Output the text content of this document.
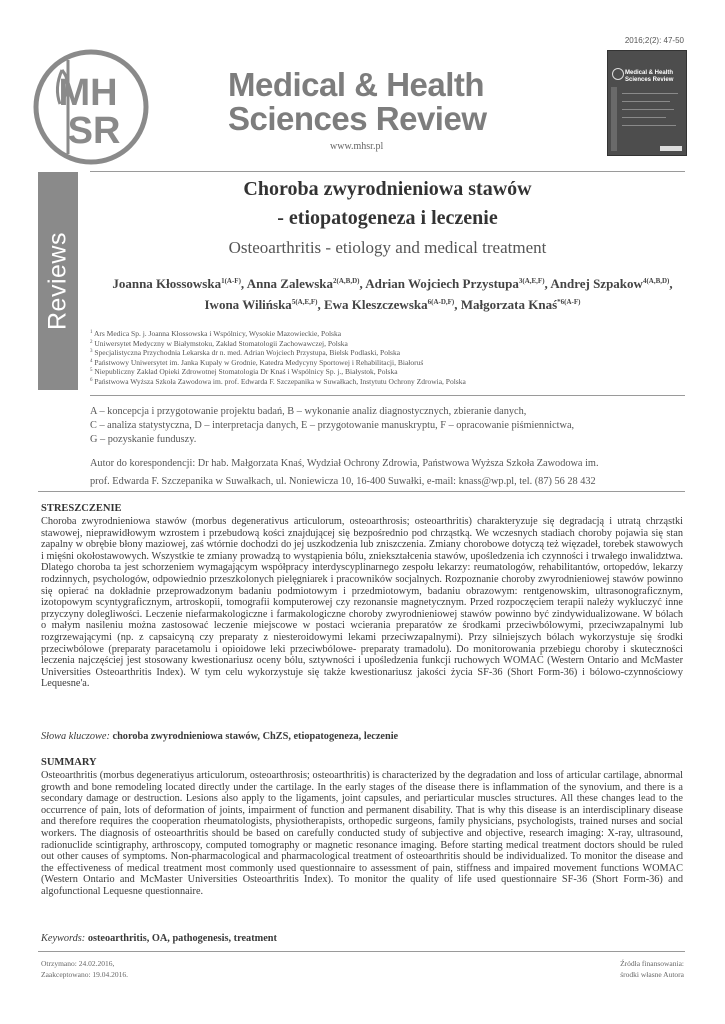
2016;2(2): 47-50
MH
SR
Medical & Health
Sciences Review
www.mhsr.pl
Medical & Health Sciences Review
Reviews
Choroba zwyrodnieniowa stawów
- etiopatogeneza i leczenie
Osteoarthritis - etiology and medical treatment
Joanna Kłossowska$^{1(A-F)}$, Anna Zalewska$^{2(A,B,D)}$, Adrian Wojciech Przystupa$^{3(A,E,F)}$, Andrej Szpakow$^{4(A,B,D)}$, Iwona Wilińska$^{5(A,E,F)}$, Ewa Kleszczewska$^{6(A-D,F)}$, Małgorzata Knaś$^{*6(A-F)}$
$^1$ Ars Medica Sp. j. Joanna Kłossowska i Wspólnicy, Wysokie Mazowieckie, Polska
$^2$ Uniwersytet Medyczny w Białymstoku, Zakład Stomatologii Zachowawczej, Polska
$^3$ Specjalistyczna Przychodnia Lekarska dr n. med. Adrian Wojciech Przystupa, Bielsk Podlaski, Polska
$^4$ Państwowy Uniwersytet im. Janka Kupały w Grodnie, Katedra Medycyny Sportowej i Rehabilitacji, Białoruś
$^5$ Niepubliczny Zakład Opieki Zdrowotnej Stomatologia Dr Knaś i Wspólnicy Sp. j., Białystok, Polska
$^6$ Państwowa Wyższa Szkoła Zawodowa im. prof. Edwarda F. Szczepanika w Suwałkach, Instytutu Ochrony Zdrowia, Polska
A – koncepcja i przygotowanie projektu badań, B – wykonanie analiz diagnostycznych, zbieranie danych,
C – analiza statystyczna, D – interpretacja danych, E – przygotowanie manuskryptu, F – opracowanie piśmiennictwa,
G – pozyskanie funduszy.
Autor do korespondencji: Dr hab. Małgorzata Knaś, Wydział Ochrony Zdrowia, Państwowa Wyższa Szkoła Zawodowa im.
prof. Edwarda F. Szczepanika w Suwałkach, ul. Noniewicza 10, 16-400 Suwałki, e-mail: knass@wp.pl, tel. (87) 56 28 432
STRESZCZENIE
Choroba zwyrodnieniowa stawów (morbus degenerativus articulorum, osteoarthrosis; osteoarthritis) charakteryzuje się degradacją i utratą chrząstki stawowej, nieprawidłowym wzrostem i przebudową kości znajdującej się bezpośrednio pod chrząstką. We wczesnych stadiach choroby pojawia się stan zapalny w obrębie błony maziowej, zaś wtórnie dochodzi do jej uszkodzenia lub zniszczenia. Zmiany chorobowe dotyczą też więzadeł, torebek stawowych i mięśni okołostawowych. Wszystkie te zmiany prowadzą to wystąpienia bólu, zniekształcenia stawów, upośledzenia ich czynności i trwałego inwalidztwa. Dlatego choroba ta jest schorzeniem wymagającym współpracy interdyscyplinarnego zespołu lekarzy: reumatologów, rehabilitantów, ortopedów, lekarzy rodzinnych, psychologów, odpowiednio przeszkolonych pielęgniarek i pracowników socjalnych. Rozpoznanie choroby zwyrodnieniowej stawów powinno się opierać na dokładnie przeprowadzonym badaniu podmiotowym i przedmiotowym, badaniu obrazowym: rentgenowskim, ultrasonograficznym, izotopowym scyntygraficznym, artroskopii, tomografii komputerowej czy rezonansie magnetycznym. Przed rozpoczęciem terapii należy wykluczyć inne przyczyny dolegliwości. Leczenie niefarmakologiczne i farmakologiczne choroby zwyrodnieniowej stawów powinno być zindywidualizowane. W bólach o małym nasileniu można zastosować leczenie miejscowe w postaci wcierania preparatów ze środkami przeciwbólowymi, przeciwzapalnymi lub rozgrzewającymi (np. z capsaicyną czy preparaty z niesteroidowymi lekami przeciwzapalnymi). Przy silniejszych bólach wykorzystuje się środki przeciwbólowe (preparaty paracetamolu i opioidowe leki przeciwbólowe- preparaty tramadolu). Do monitorowania przebiegu choroby i skuteczności leczenia najczęściej jest stosowany kwestionariusz oceny bólu, sztywności i upośledzenia funkcji ruchowych WOMAC (Western Ontario and McMaster Universities Osteoarthritis Index). W tym celu wykorzystuje się także kwestionariusz jakości życia SF-36 (Short Form-36) i bólowo-czynnościowy Lequesne'a.
Słowa kluczowe: choroba zwyrodnieniowa stawów, ChZS, etiopatogeneza, leczenie
SUMMARY
Osteoarthritis (morbus degeneratiyus articulorum, osteoarthrosis; osteoarthritis) is characterized by the degradation and loss of articular cartilage, abnormal growth and bone remodeling located directly under the cartilage. In the early stages of the disease there is inflammation of the synovium, and there is a secondary damage or destruction. Lesions also apply to the ligaments, joint capsules, and periarticular muscles structures. All these changes lead to the occurrence of pain, lots of deformation of joints, impairment of function and permanent disability. That is why this disease is an interdisciplinary disease and therefore requires the cooperation rheumatologists, physiotherapists, orthopedic surgeons, family physicians, psychologists, trained nurses and social workers. The diagnosis of osteoarthritis should be based on carefully conducted study of subjective and objective, research imaging: X-ray, ultrasound, radionuclide scintigraphy, arthroscopy, computed tomography or magnetic resonance imaging. Before starting medical treatment doctors should be ruled out other causes of symptoms. Non-pharmacological and pharmacological treatment of osteoarthritis should be individualized. To monitor the disease and the effectiveness of medical treatment most commonly used questionnaire to assessment of pain, stiffness and impaired movement functions WOMAC (Western Ontario and McMaster Universities Osteoarthritis Index). To monitor the quality of life used questionnaire SF-36 (Short Form-36) and algofunctional Lequesne questionnaire.
Keywords: osteoarthritis, OA, pathogenesis, treatment
Otrzymano: 24.02.2016,
Zaakceptowano: 19.04.2016.
Źródła finansowania:
środki własne Autora
